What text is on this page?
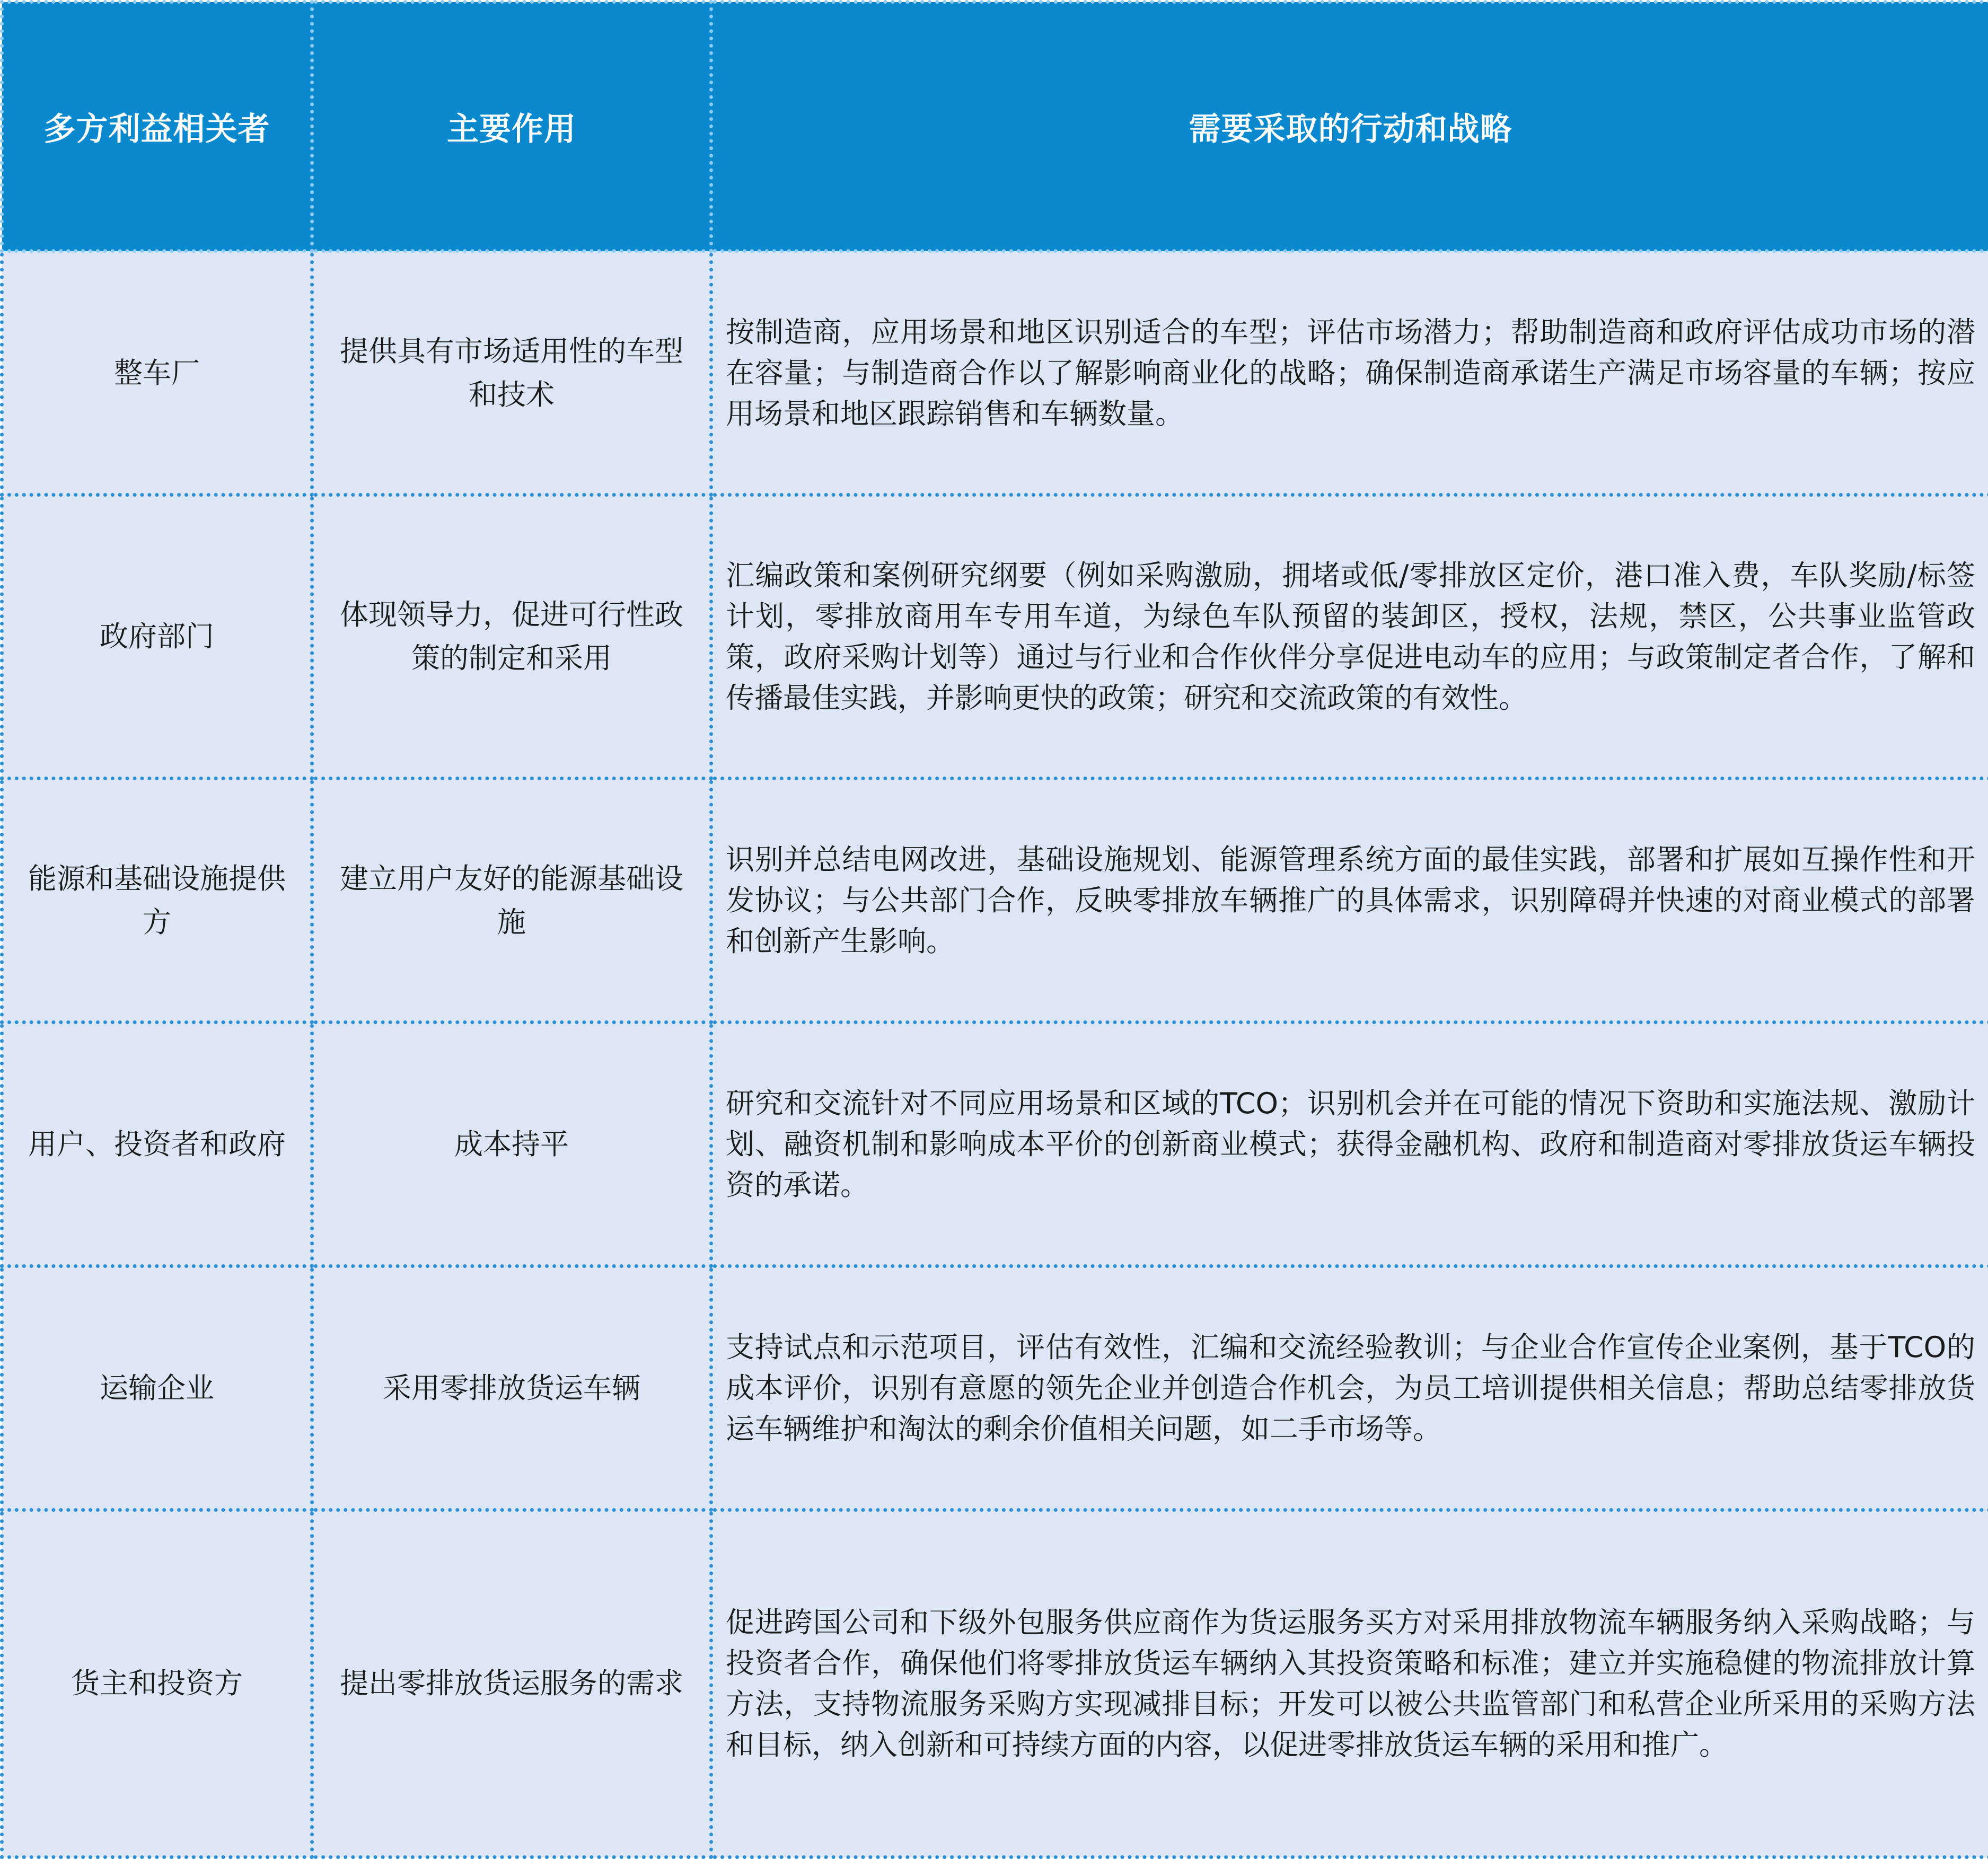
多方利益相关者	主要作用	需要采取的行动和战略
整车厂	提供具有市场适用性的车型和技术	按制造商，应用场景和地区识别适合的车型；评估市场潜力；帮助制造商和政府评估成功市场的潜在容量；与制造商合作以了解影响商业化的战略；确保制造商承诺生产满足市场容量的车辆；按应用场景和地区跟踪销售和车辆数量。
政府部门	体现领导力，促进可行性政策的制定和采用	汇编政策和案例研究纲要（例如采购激励，拥堵或低/零排放区定价，港口准入费，车队奖励/标签计划，零排放商用车专用车道，为绿色车队预留的装卸区，授权，法规，禁区，公共事业监管政策，政府采购计划等）通过与行业和合作伙伴分享促进电动车的应用；与政策制定者合作，了解和传播最佳实践，并影响更快的政策；研究和交流政策的有效性。
能源和基础设施提供方	建立用户友好的能源基础设施	识别并总结电网改进，基础设施规划、能源管理系统方面的最佳实践，部署和扩展如互操作性和开发协议；与公共部门合作，反映零排放车辆推广的具体需求，识别障碍并快速的对商业模式的部署和创新产生影响。
用户、投资者和政府	成本持平	研究和交流针对不同应用场景和区域的TCO；识别机会并在可能的情况下资助和实施法规、激励计划、融资机制和影响成本平价的创新商业模式；获得金融机构、政府和制造商对零排放货运车辆投资的承诺。
运输企业	采用零排放货运车辆	支持试点和示范项目，评估有效性，汇编和交流经验教训；与企业合作宣传企业案例，基于TCO的成本评价，识别有意愿的领先企业并创造合作机会，为员工培训提供相关信息；帮助总结零排放货运车辆维护和淘汰的剩余价值相关问题，如二手市场等。
货主和投资方	提出零排放货运服务的需求	促进跨国公司和下级外包服务供应商作为货运服务买方对采用排放物流车辆服务纳入采购战略；与投资者合作，确保他们将零排放货运车辆纳入其投资策略和标准；建立并实施稳健的物流排放计算方法，支持物流服务采购方实现减排目标；开发可以被公共监管部门和私营企业所采用的采购方法和目标，纳入创新和可持续方面的内容，以促进零排放货运车辆的采用和推广。
